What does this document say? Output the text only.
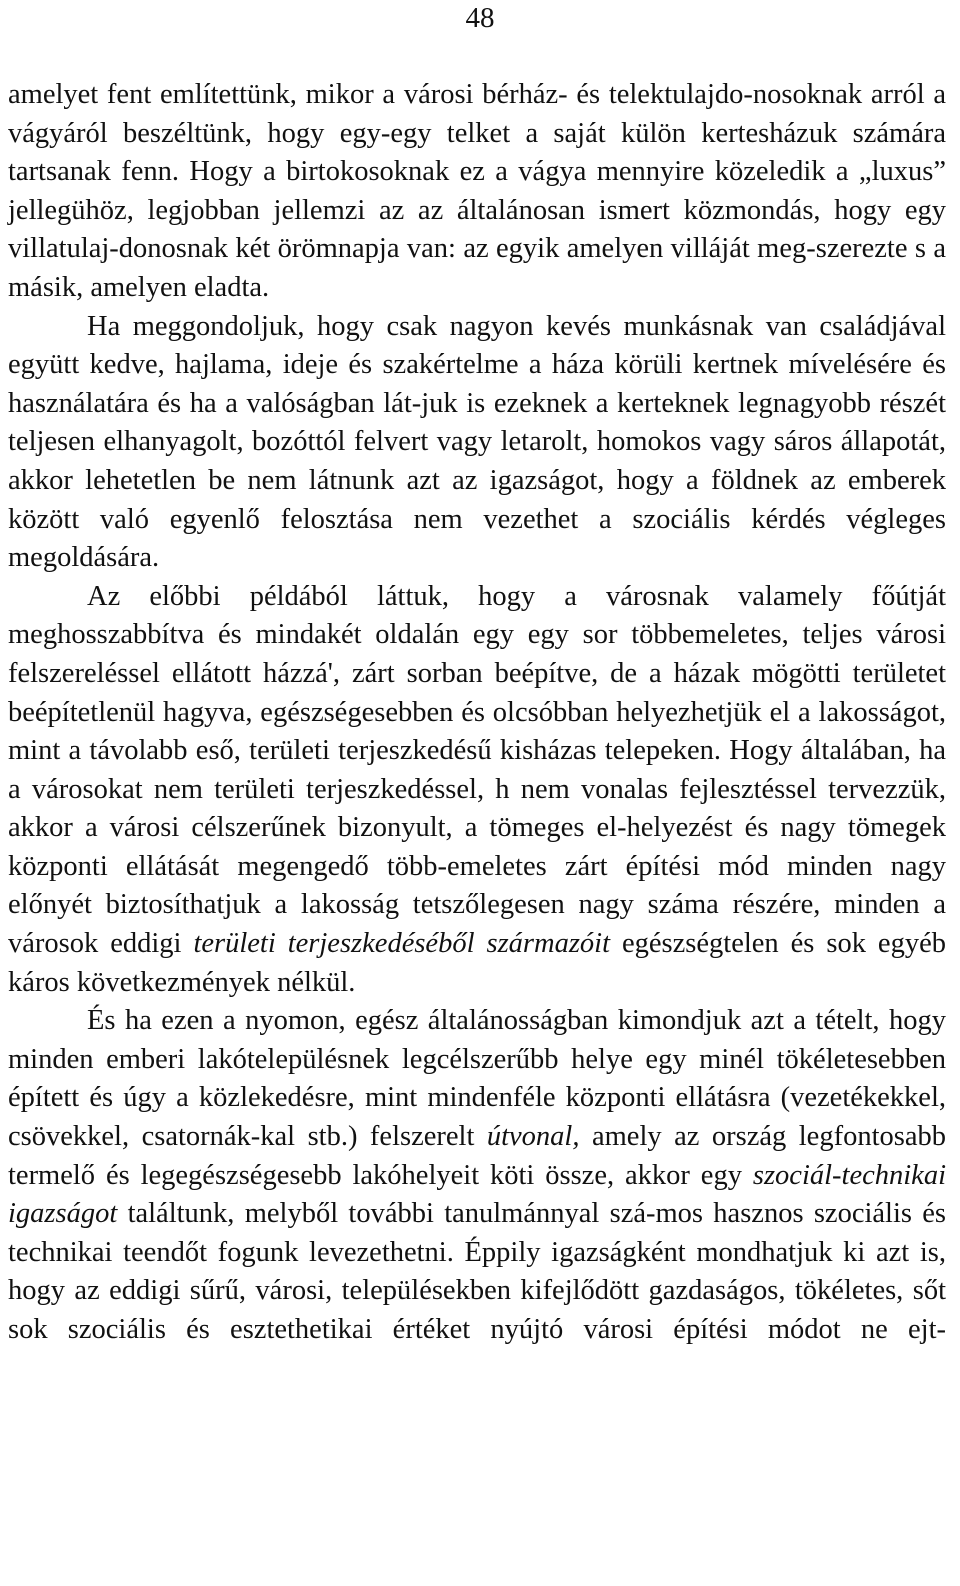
48

amelyet fent említettünk, mikor a városi bérház- és telektulajdo-nosoknak arról a vágyáról beszéltünk, hogy egy-egy telket a saját külön kertesházuk számára tartsanak fenn. Hogy a birtokosoknak ez a vágya mennyire közeledik a „luxus” jellegühöz, legjobban jellemzi az az általánosan ismert közmondás, hogy egy villatulaj-donosnak két örömnapja van: az egyik amelyen villáját meg-szerezte s a másik, amelyen eladta.

Ha meggondoljuk, hogy csak nagyon kevés munkásnak van családjával együtt kedve, hajlama, ideje és szakértelme a háza körüli kertnek mívelésére és használatára és ha a valóságban lát-juk is ezeknek a kerteknek legnagyobb részét teljesen elhanyagolt, bozóttól felvert vagy letarolt, homokos vagy sáros állapotát, akkor lehetetlen be nem látnunk azt az igazságot, hogy a földnek az emberek között való egyenlő felosztása nem vezethet a szociális kérdés végleges megoldására.

Az előbbi példából láttuk, hogy a városnak valamely főútját meghosszabbítva és mindakét oldalán egy egy sor többemeletes, teljes városi felszereléssel ellátott házzá', zárt sorban beépítve, de a házak mögötti területet beépítetlenül hagyva, egészségesebben és olcsóbban helyezhetjük el a lakosságot, mint a távolabb eső, területi terjeszkedésű kisházas telepeken. Hogy általában, ha a városokat nem területi terjeszkedéssel, h nem vonalas fejlesztéssel tervezzük, akkor a városi célszerűnek bizonyult, a tömeges el-helyezést és nagy tömegek központi ellátását megengedő több-emeletes zárt építési mód minden nagy előnyét biztosíthatjuk a lakosság tetszőlegesen nagy száma részére, minden a városok eddigi területi terjeszkedéséből származóit egészségtelen és sok egyéb káros következmények nélkül.

És ha ezen a nyomon, egész általánosságban kimondjuk azt a tételt, hogy minden emberi lakótelepülésnek legcélszerűbb helye egy minél tökéletesebben épített és úgy a közlekedésre, mint mindenféle központi ellátásra (vezetékekkel, csövekkel, csatornák-kal stb.) felszerelt útvonal, amely az ország legfontosabb termelő és legegészségesebb lakóhelyeit köti össze, akkor egy szociál-technikai igazságot találtunk, melyből további tanulmánnyal szá-mos hasznos szociális és technikai teendőt fogunk levezethetni. Éppily igazságként mondhatjuk ki azt is, hogy az eddigi sűrű, városi, településekben kifejlődött gazdaságos, tökéletes, sőt sok szociális és esztethetikai értéket nyújtó városi építési módot ne ejt-
